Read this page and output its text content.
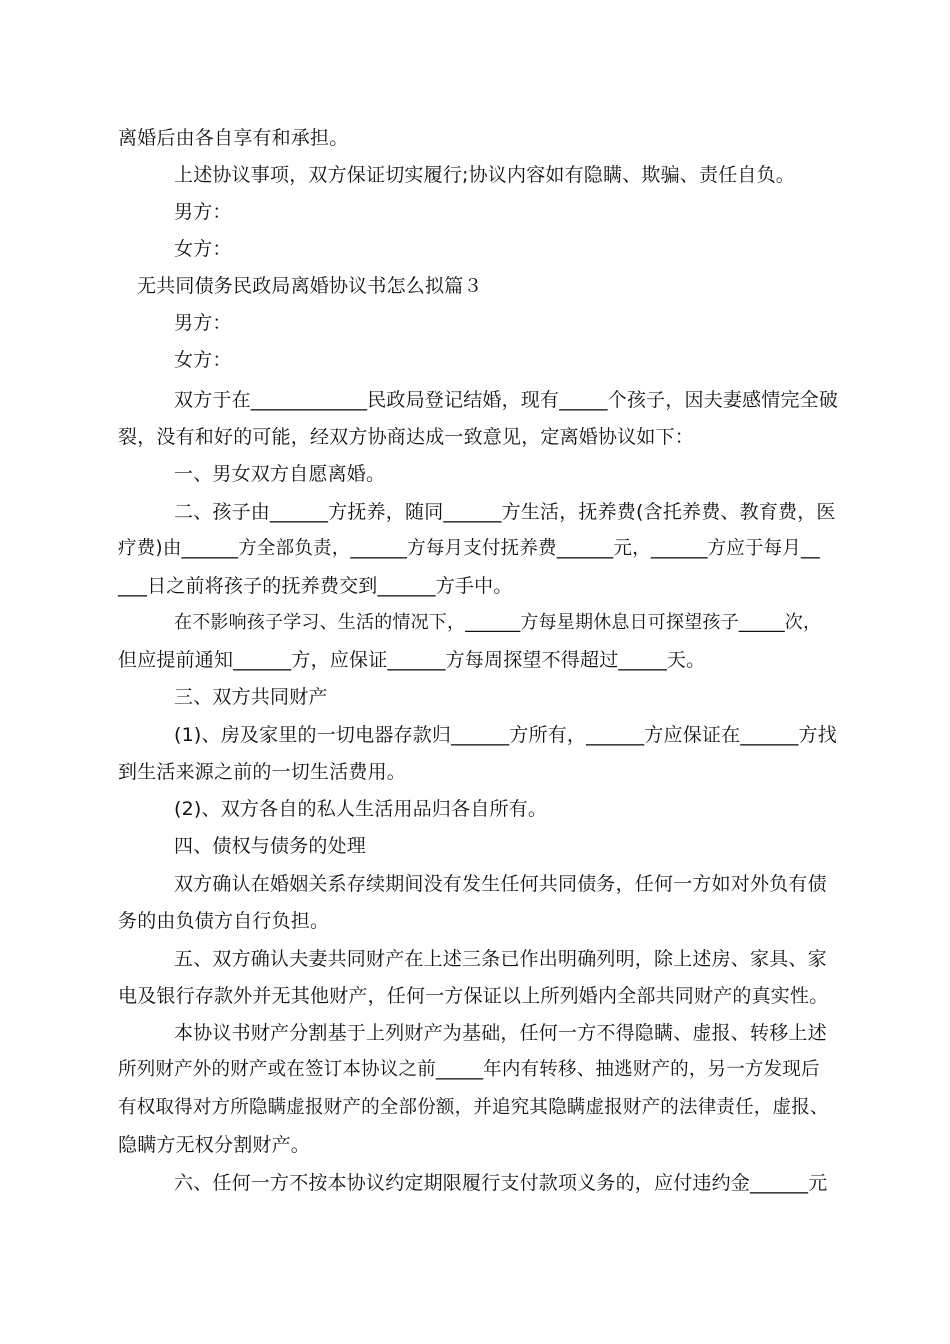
离婚后由各自享有和承担。
上述协议事项，双方保证切实履行;协议内容如有隐瞒、欺骗、责任自负。
男方：
女方：
无共同债务民政局离婚协议书怎么拟篇３
男方：
女方：
双方于在____________民政局登记结婚，现有_____个孩子，因夫妻感情完全破
裂，没有和好的可能，经双方协商达成一致意见，定离婚协议如下：
一、男女双方自愿离婚。
二、孩子由______方抚养，随同______方生活，抚养费(含托养费、教育费，医
疗费)由______方全部负责，______方每月支付抚养费______元，______方应于每月__
___日之前将孩子的抚养费交到______方手中。
在不影响孩子学习、生活的情况下，______方每星期休息日可探望孩子_____次，
但应提前通知______方，应保证______方每周探望不得超过_____天。
三、双方共同财产
(1)、房及家里的一切电器存款归______方所有，______方应保证在______方找
到生活来源之前的一切生活费用。
(2)、双方各自的私人生活用品归各自所有。
四、债权与债务的处理
双方确认在婚姻关系存续期间没有发生任何共同债务，任何一方如对外负有债
务的由负债方自行负担。
五、双方确认夫妻共同财产在上述三条已作出明确列明，除上述房、家具、家
电及银行存款外并无其他财产，任何一方保证以上所列婚内全部共同财产的真实性。
本协议书财产分割基于上列财产为基础，任何一方不得隐瞒、虚报、转移上述
所列财产外的财产或在签订本协议之前_____年内有转移、抽逃财产的，另一方发现后
有权取得对方所隐瞒虚报财产的全部份额，并追究其隐瞒虚报财产的法律责任，虚报、
隐瞒方无权分割财产。
六、任何一方不按本协议约定期限履行支付款项义务的，应付违约金______元
